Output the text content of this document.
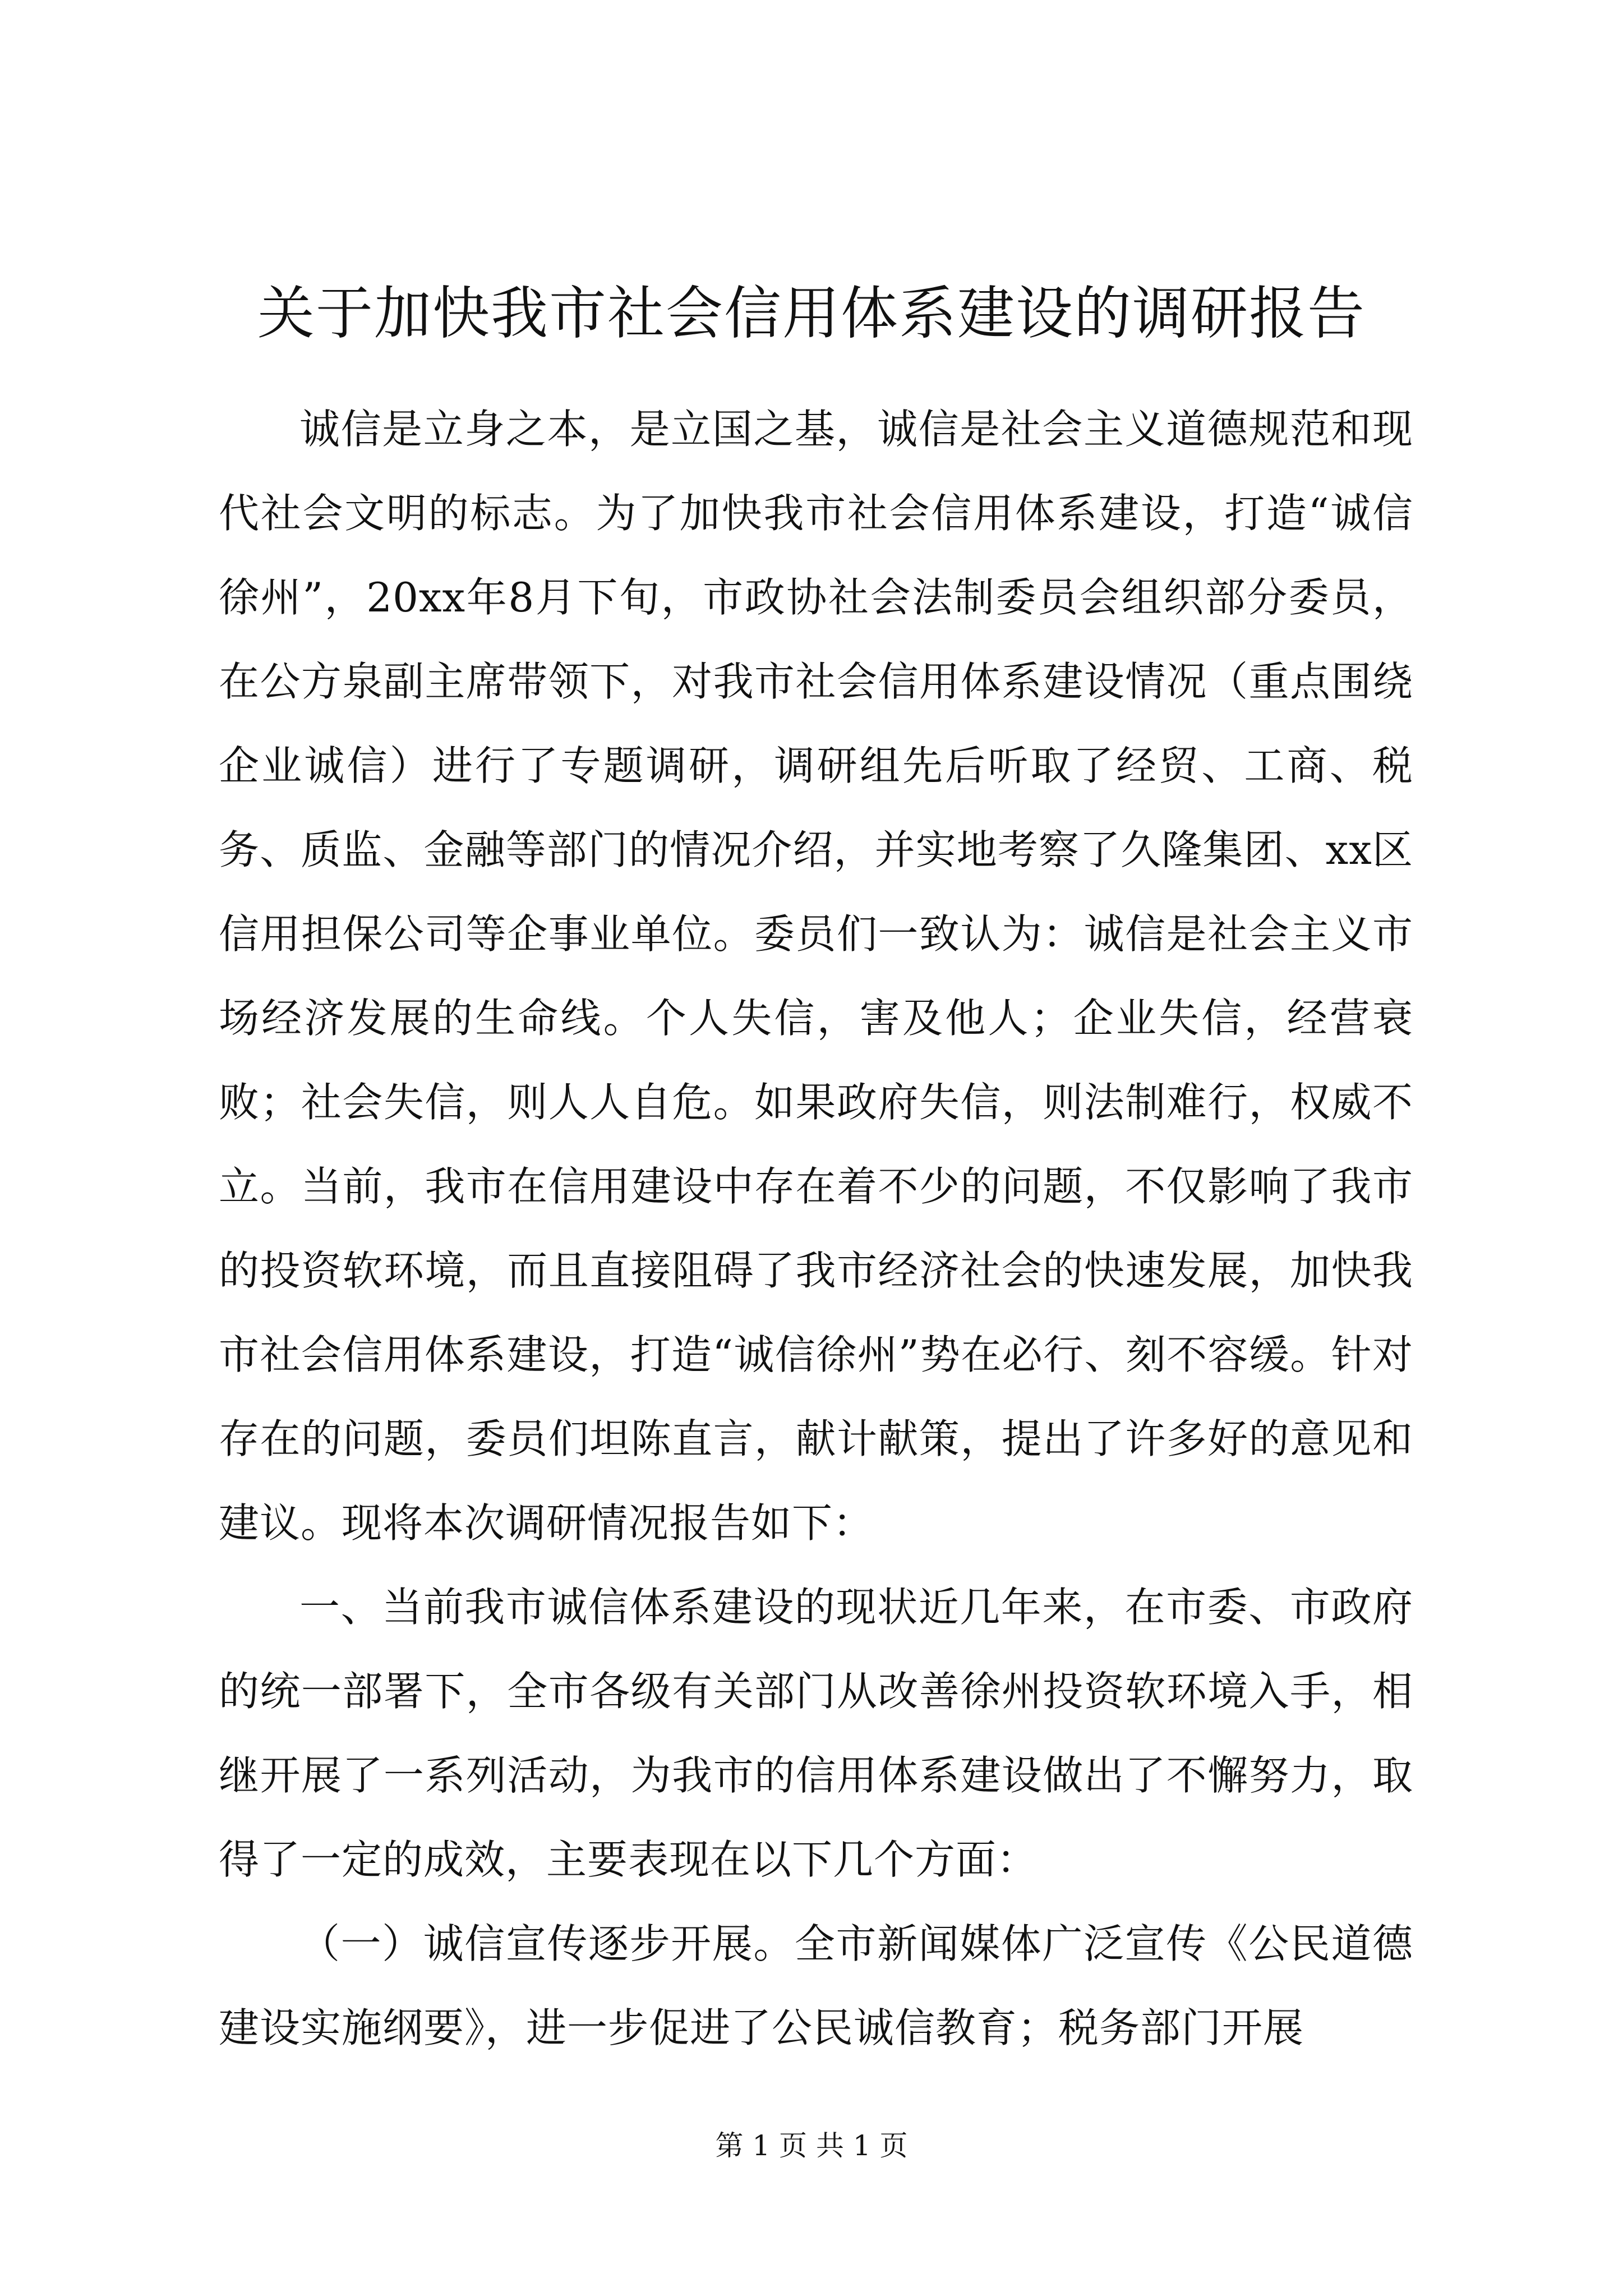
关于加快我市社会信用体系建设的调研报告

诚信是立身之本，是立国之基，诚信是社会主义道德规范和现代社会文明的标志。为了加快我市社会信用体系建设，打造“诚信徐州”，20xx年8月下旬，市政协社会法制委员会组织部分委员，在公方泉副主席带领下，对我市社会信用体系建设情况（重点围绕企业诚信）进行了专题调研，调研组先后听取了经贸、工商、税务、质监、金融等部门的情况介绍，并实地考察了久隆集团、xx区信用担保公司等企事业单位。委员们一致认为：诚信是社会主义市场经济发展的生命线。个人失信，害及他人；企业失信，经营衰败；社会失信，则人人自危。如果政府失信，则法制难行，权威不立。当前，我市在信用建设中存在着不少的问题，不仅影响了我市的投资软环境，而且直接阻碍了我市经济社会的快速发展，加快我市社会信用体系建设，打造“诚信徐州”势在必行、刻不容缓。针对存在的问题，委员们坦陈直言，献计献策，提出了许多好的意见和建议。现将本次调研情况报告如下：

一、当前我市诚信体系建设的现状近几年来，在市委、市政府的统一部署下，全市各级有关部门从改善徐州投资软环境入手，相继开展了一系列活动，为我市的信用体系建设做出了不懈努力，取得了一定的成效，主要表现在以下几个方面：

（一）诚信宣传逐步开展。全市新闻媒体广泛宣传《公民道德建设实施纲要》，进一步促进了公民诚信教育；税务部门开展

第 1 页 共 1 页
